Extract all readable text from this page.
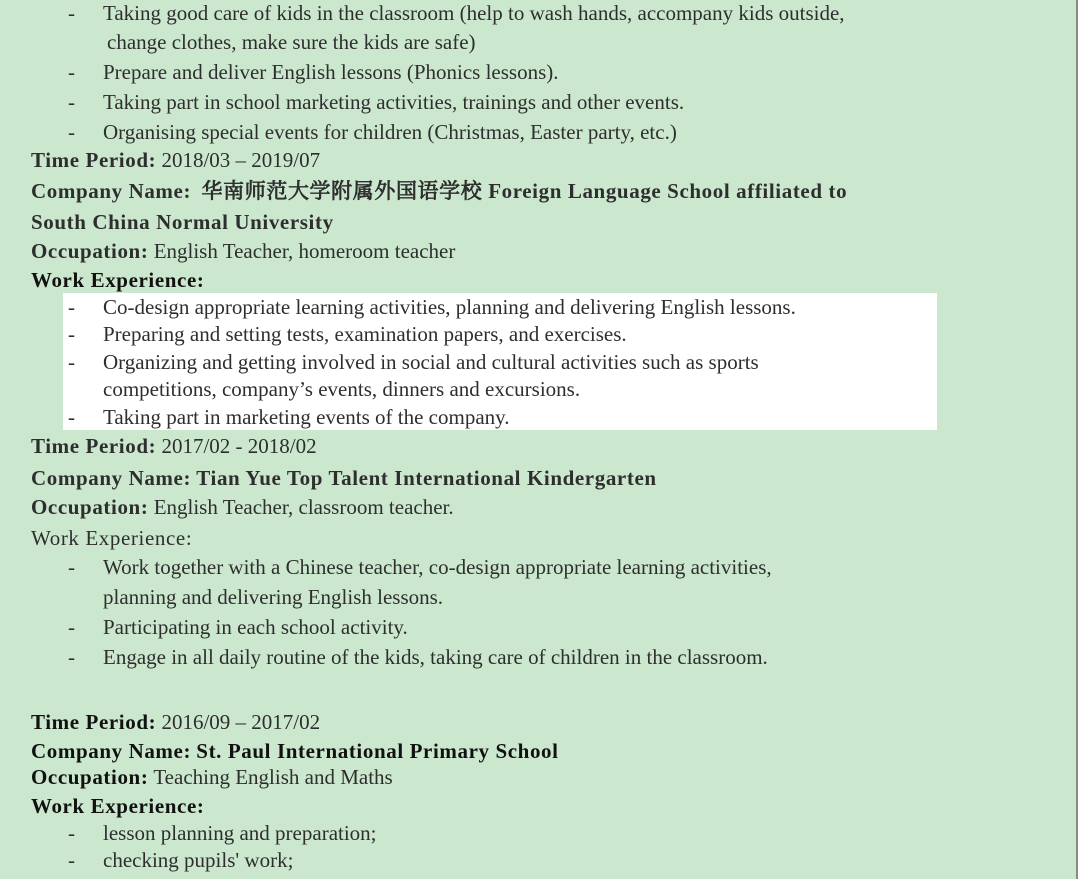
- Taking good care of kids in the classroom (help to wash hands, accompany kids outside,
change clothes, make sure the kids are safe)
- Prepare and deliver English lessons (Phonics lessons).
- Taking part in school marketing activities, trainings and other events.
- Organising special events for children (Christmas, Easter party, etc.)
Time Period: 2018/03 – 2019/07
Company Name: 华南师范大学附属外国语学校 Foreign Language School affiliated to
South China Normal University
Occupation: English Teacher, homeroom teacher
Work Experience:
- Co-design appropriate learning activities, planning and delivering English lessons.
- Preparing and setting tests, examination papers, and exercises.
- Organizing and getting involved in social and cultural activities such as sports
competitions, company’s events, dinners and excursions.
- Taking part in marketing events of the company.
Time Period: 2017/02 - 2018/02
Company Name: Tian Yue Top Talent International Kindergarten
Occupation: English Teacher, classroom teacher.
Work Experience:
- Work together with a Chinese teacher, co-design appropriate learning activities,
planning and delivering English lessons.
- Participating in each school activity.
- Engage in all daily routine of the kids, taking care of children in the classroom.
Time Period: 2016/09 – 2017/02
Company Name: St. Paul International Primary School
Occupation: Teaching English and Maths
Work Experience:
- lesson planning and preparation;
- checking pupils' work;
